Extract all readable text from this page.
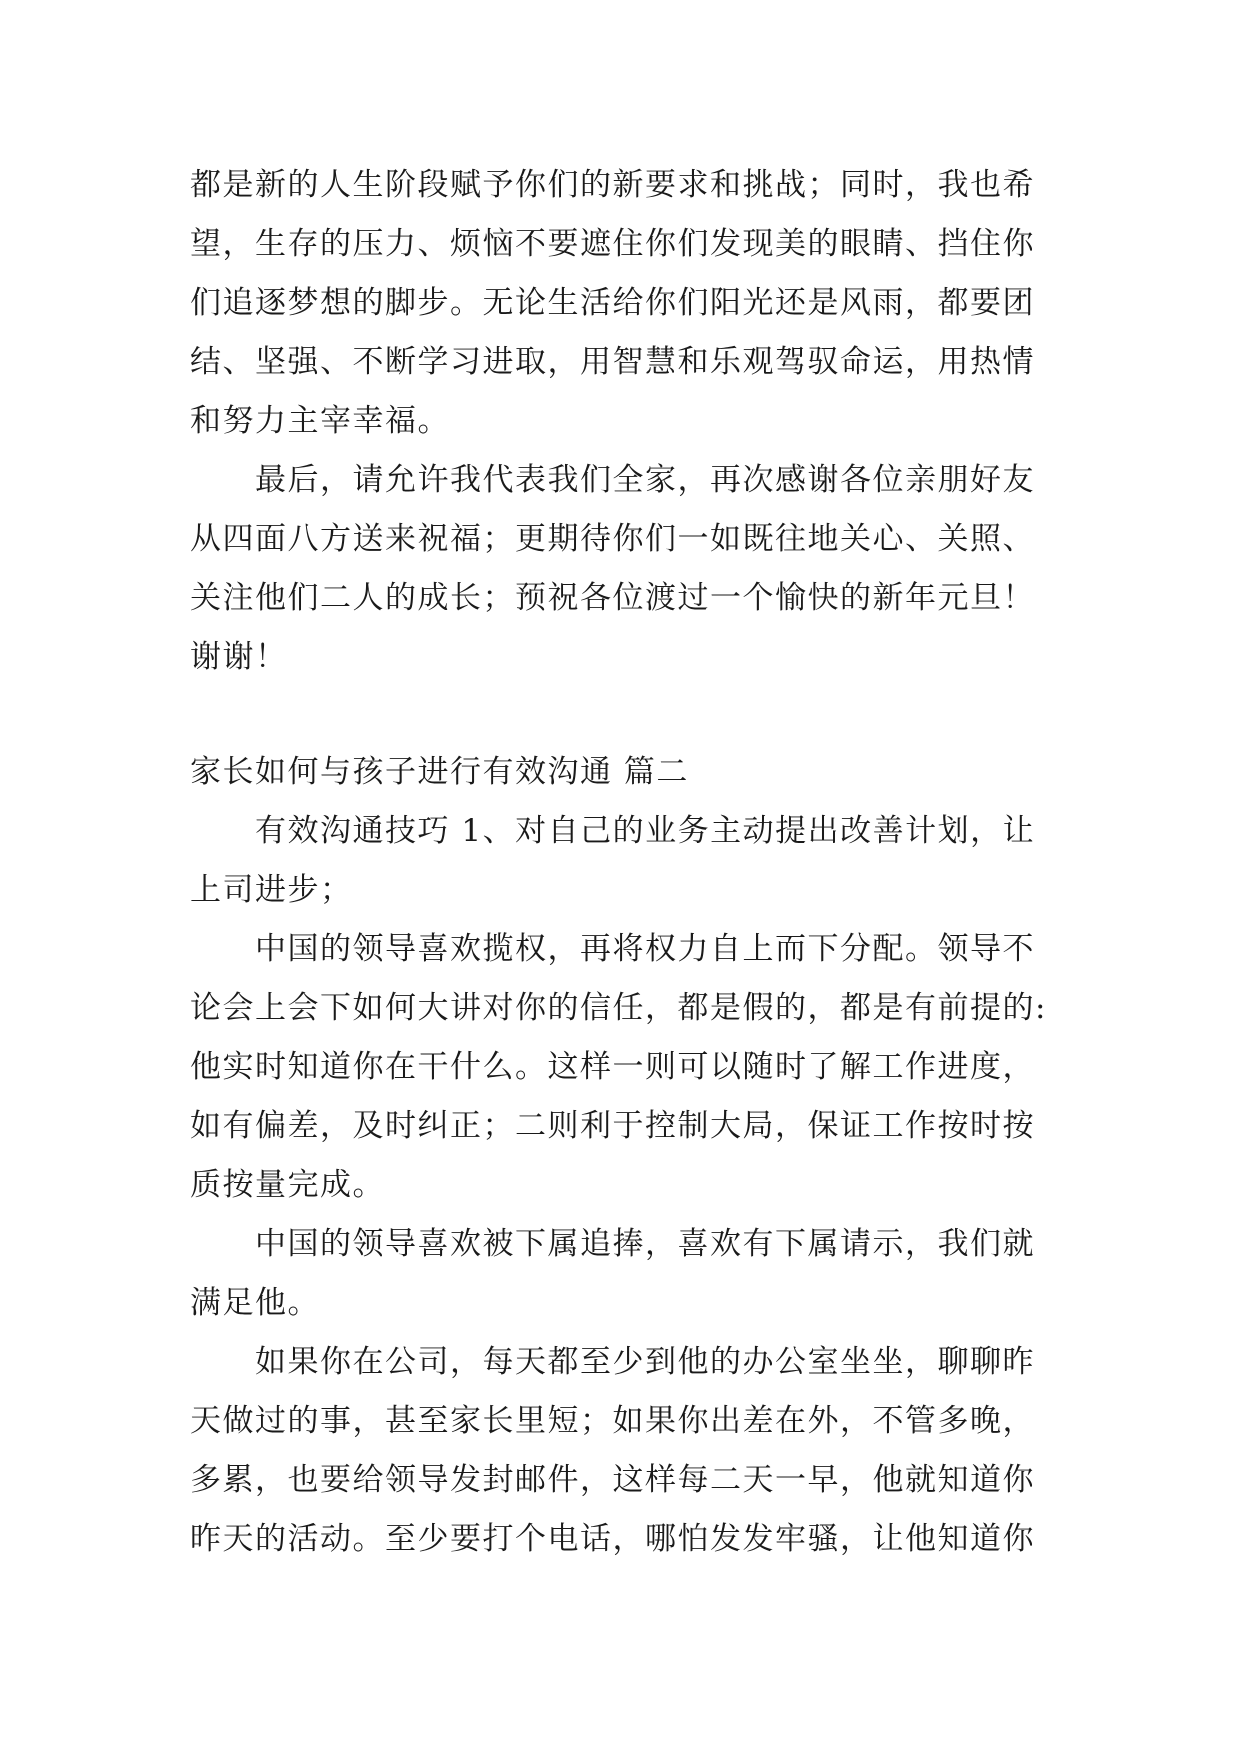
都是新的人生阶段赋予你们的新要求和挑战；同时，我也希
望，生存的压力、烦恼不要遮住你们发现美的眼睛、挡住你
们追逐梦想的脚步。无论生活给你们阳光还是风雨，都要团
结、坚强、不断学习进取，用智慧和乐观驾驭命运，用热情
和努力主宰幸福。
最后，请允许我代表我们全家，再次感谢各位亲朋好友
从四面八方送来祝福；更期待你们一如既往地关心、关照、
关注他们二人的成长；预祝各位渡过一个愉快的新年元旦！
谢谢！
家长如何与孩子进行有效沟通 篇二
有效沟通技巧 1、对自己的业务主动提出改善计划，让
上司进步；
中国的领导喜欢揽权，再将权力自上而下分配。领导不
论会上会下如何大讲对你的信任，都是假的，都是有前提的:
他实时知道你在干什么。这样一则可以随时了解工作进度，
如有偏差，及时纠正；二则利于控制大局，保证工作按时按
质按量完成。
中国的领导喜欢被下属追捧，喜欢有下属请示，我们就
满足他。
如果你在公司，每天都至少到他的办公室坐坐，聊聊昨
天做过的事，甚至家长里短；如果你出差在外，不管多晚，
多累，也要给领导发封邮件，这样每二天一早，他就知道你
昨天的活动。至少要打个电话，哪怕发发牢骚，让他知道你
